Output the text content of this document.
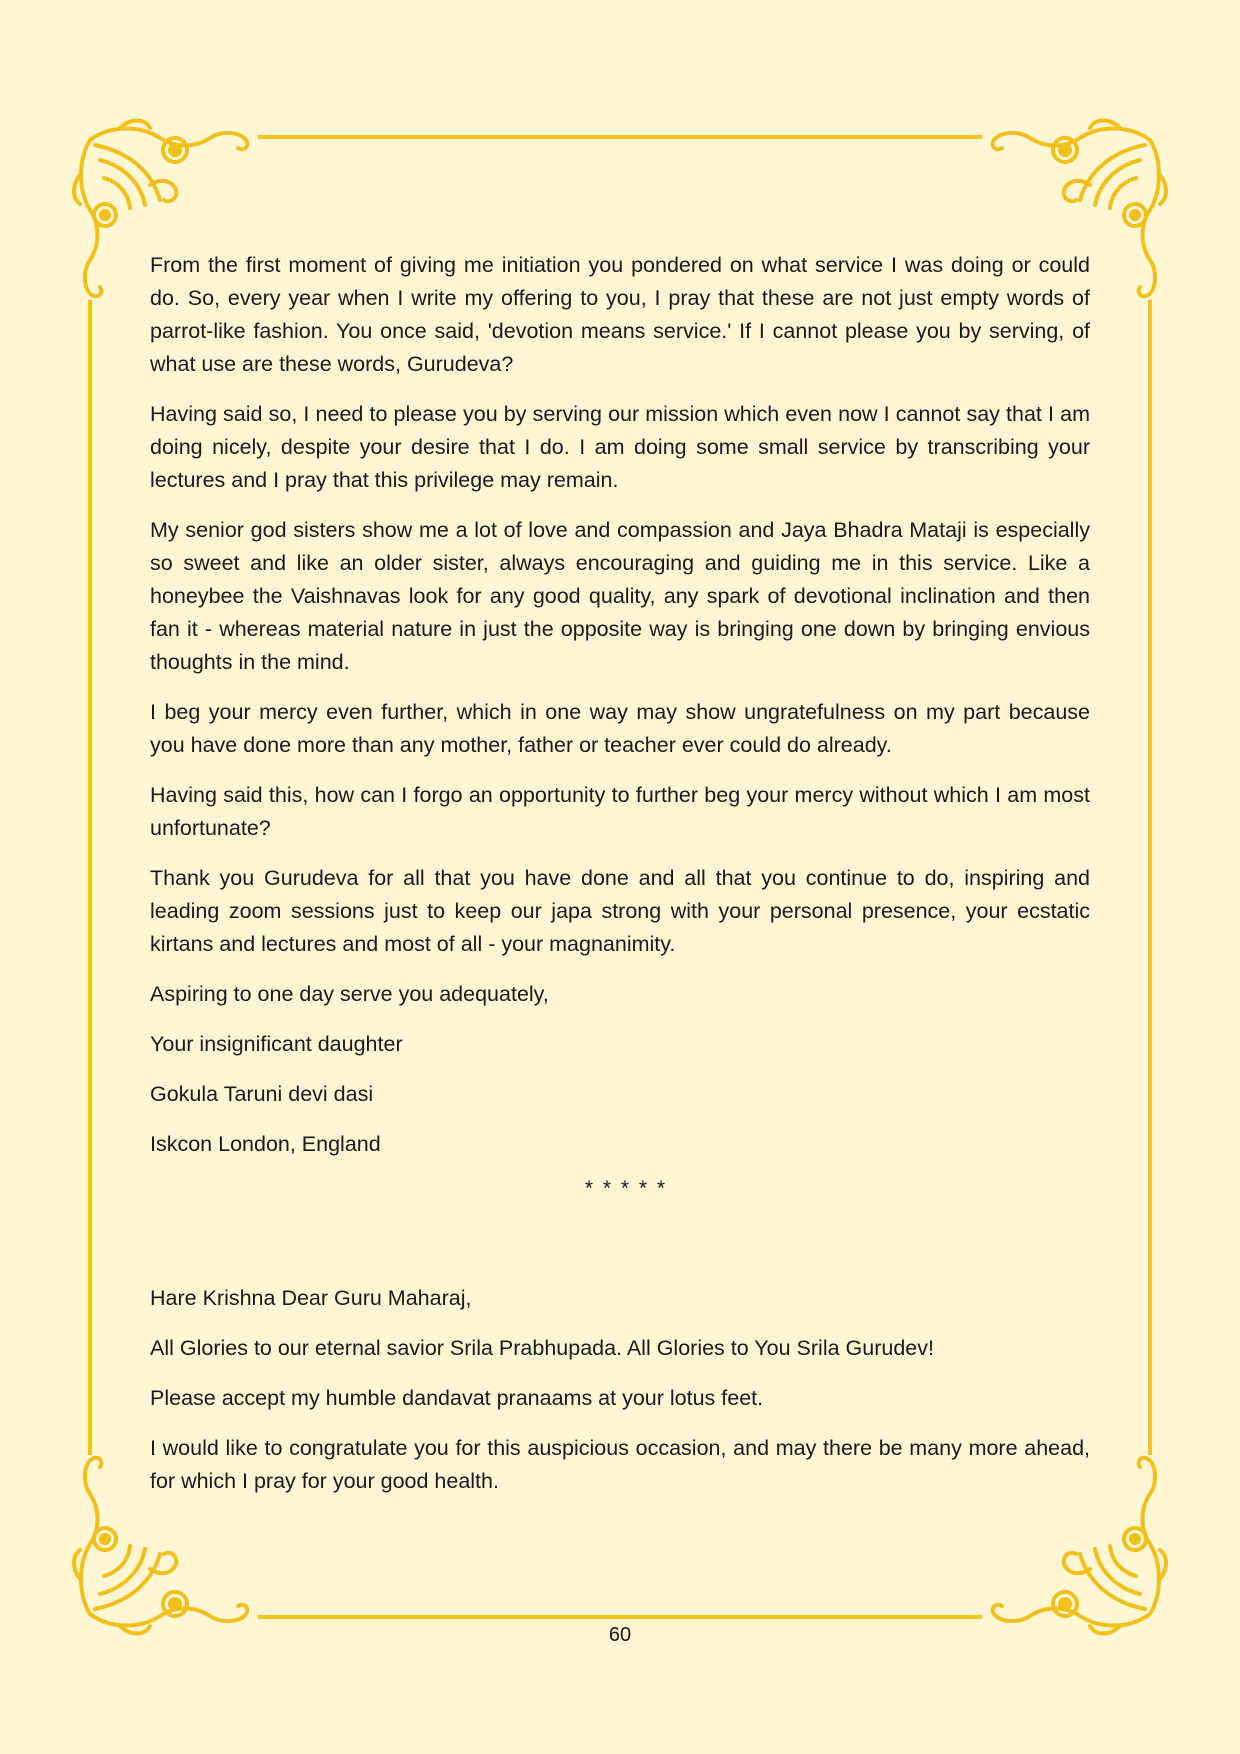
From the first moment of giving me initiation you pondered on what service I was doing or could do. So, every year when I write my offering to you, I pray that these are not just empty words of parrot-like fashion. You once said, 'devotion means service.' If I cannot please you by serving, of what use are these words, Gurudeva?

Having said so, I need to please you by serving our mission which even now I cannot say that I am doing nicely, despite your desire that I do. I am doing some small service by transcribing your lectures and I pray that this privilege may remain.

My senior god sisters show me a lot of love and compassion and Jaya Bhadra Mataji is especially so sweet and like an older sister, always encouraging and guiding me in this service. Like a honeybee the Vaishnavas look for any good quality, any spark of devotional inclination and then fan it - whereas material nature in just the opposite way is bringing one down by bringing envious thoughts in the mind.

I beg your mercy even further, which in one way may show ungratefulness on my part because you have done more than any mother, father or teacher ever could do already.

Having said this, how can I forgo an opportunity to further beg your mercy without which I am most unfortunate?

Thank you Gurudeva for all that you have done and all that you continue to do, inspiring and leading zoom sessions just to keep our japa strong with your personal presence, your ecstatic kirtans and lectures and most of all - your magnanimity.

Aspiring to one day serve you adequately,

Your insignificant daughter

Gokula Taruni devi dasi

Iskcon London, England

* * * * *

Hare Krishna Dear Guru Maharaj,

All Glories to our eternal savior Srila Prabhupada. All Glories to You Srila Gurudev!

Please accept my humble dandavat pranaams at your lotus feet.

I would like to congratulate you for this auspicious occasion, and may there be many more ahead, for which I pray for your good health.

60
